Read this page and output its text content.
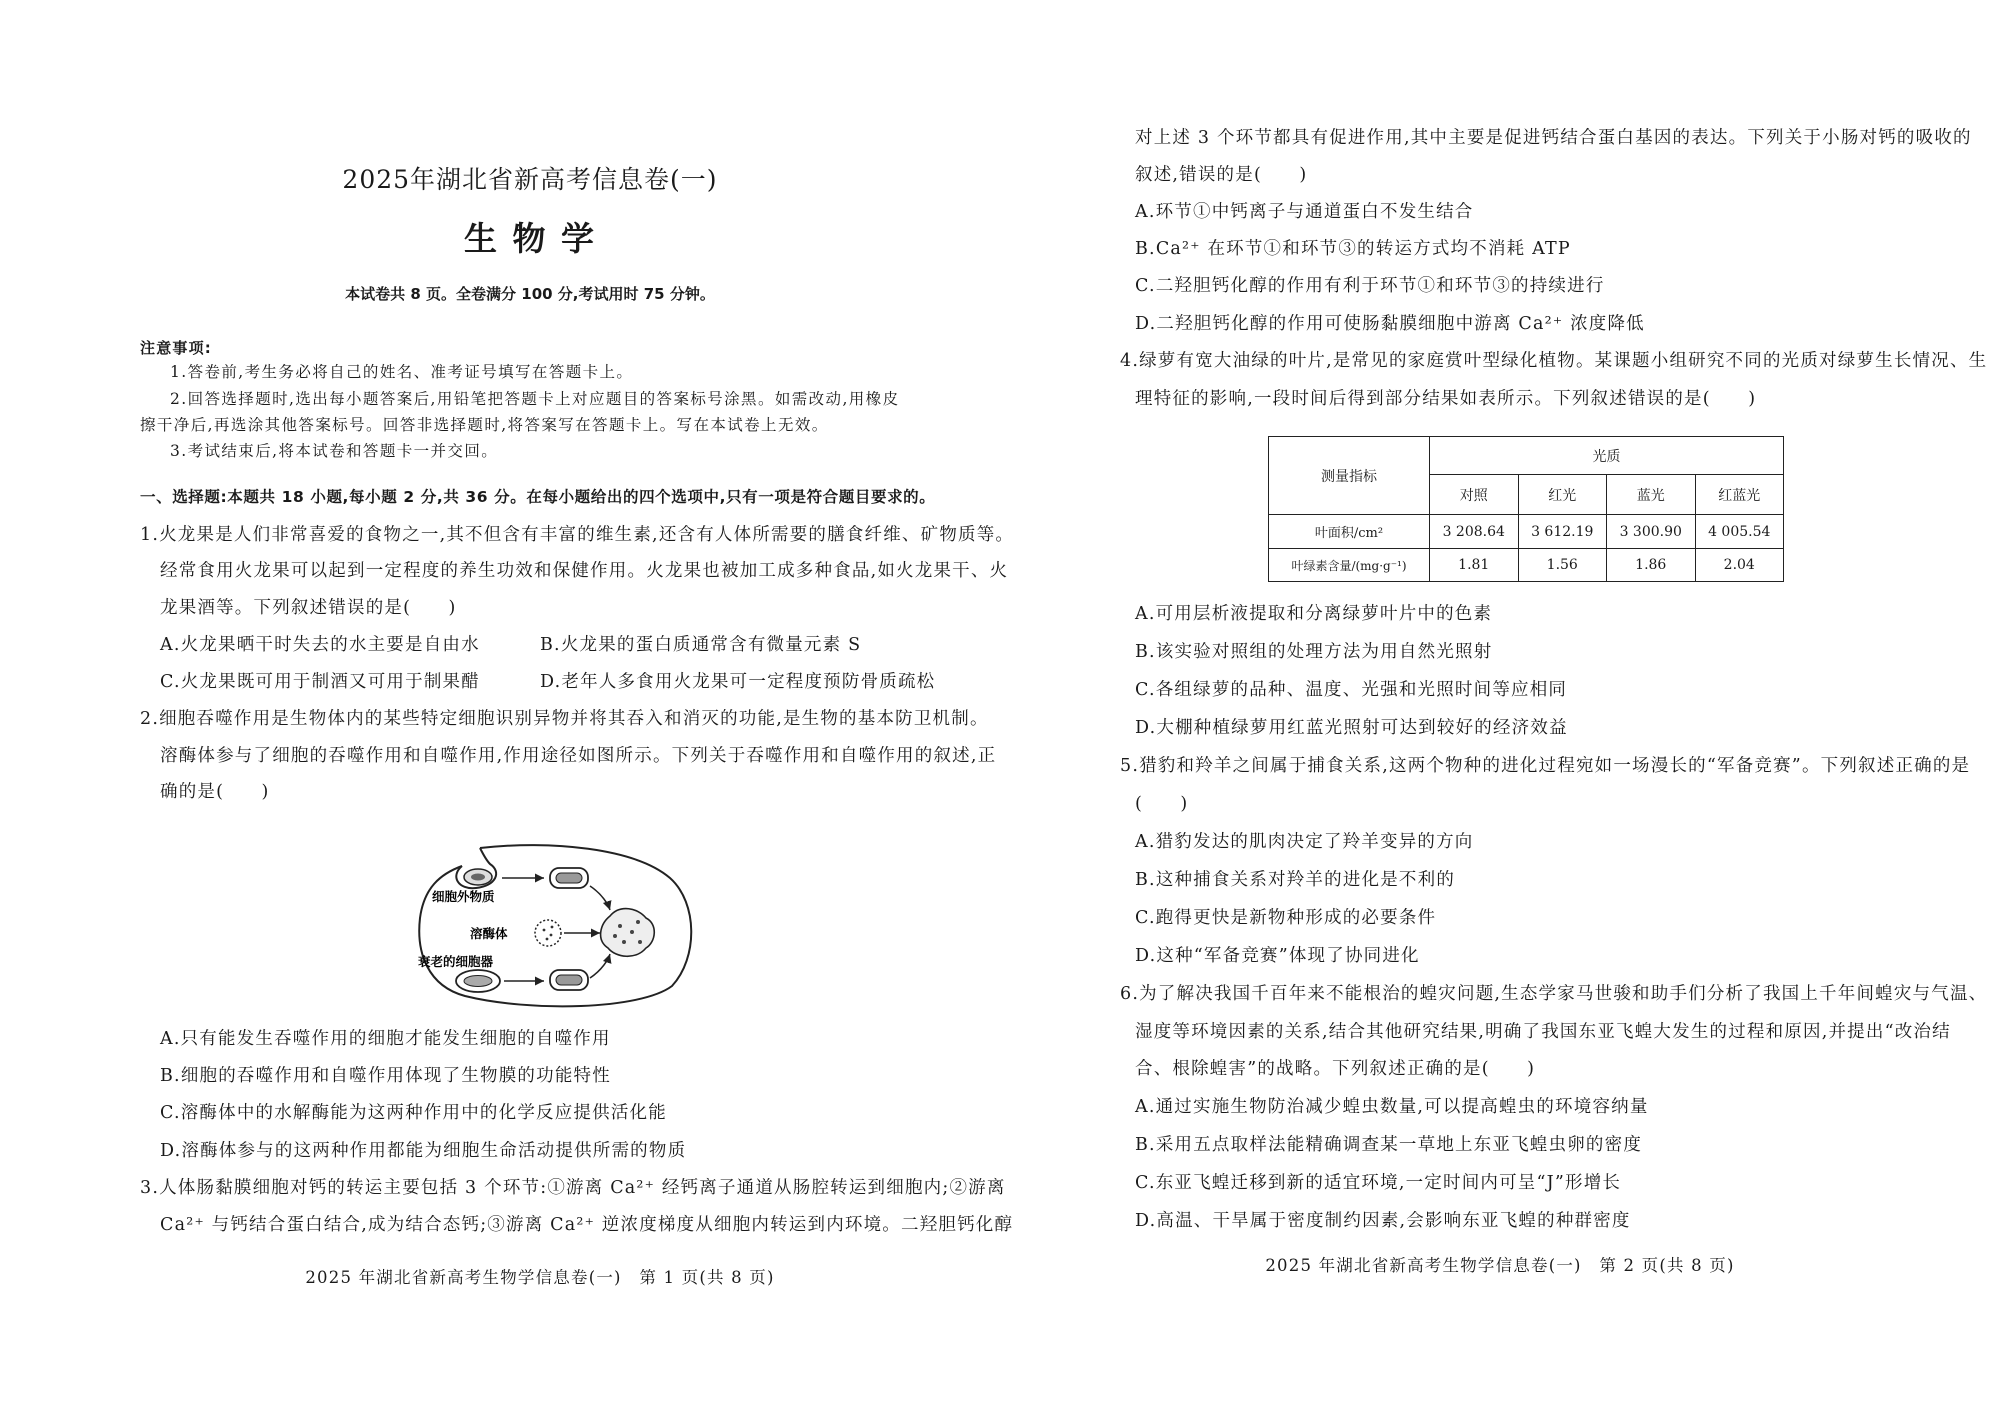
2025年湖北省新高考信息卷(一)
生 物 学
本试卷共 8 页。全卷满分 100 分,考试用时 75 分钟。
注意事项:
1.答卷前,考生务必将自己的姓名、准考证号填写在答题卡上。
2.回答选择题时,选出每小题答案后,用铅笔把答题卡上对应题目的答案标号涂黑。如需改动,用橡皮
擦干净后,再选涂其他答案标号。回答非选择题时,将答案写在答题卡上。写在本试卷上无效。
3.考试结束后,将本试卷和答题卡一并交回。
一、选择题:本题共 18 小题,每小题 2 分,共 36 分。在每小题给出的四个选项中,只有一项是符合题目要求的。
1.火龙果是人们非常喜爱的食物之一,其不但含有丰富的维生素,还含有人体所需要的膳食纤维、矿物质等。
经常食用火龙果可以起到一定程度的养生功效和保健作用。火龙果也被加工成多种食品,如火龙果干、火
龙果酒等。下列叙述错误的是(　　)
A.火龙果晒干时失去的水主要是自由水	B.火龙果的蛋白质通常含有微量元素 S
C.火龙果既可用于制酒又可用于制果醋	D.老年人多食用火龙果可一定程度预防骨质疏松
2.细胞吞噬作用是生物体内的某些特定细胞识别异物并将其吞入和消灭的功能,是生物的基本防卫机制。
溶酶体参与了细胞的吞噬作用和自噬作用,作用途径如图所示。下列关于吞噬作用和自噬作用的叙述,正
确的是(　　)
细胞外物质
溶酶体
衰老的细胞器
A.只有能发生吞噬作用的细胞才能发生细胞的自噬作用
B.细胞的吞噬作用和自噬作用体现了生物膜的功能特性
C.溶酶体中的水解酶能为这两种作用中的化学反应提供活化能
D.溶酶体参与的这两种作用都能为细胞生命活动提供所需的物质
3.人体肠黏膜细胞对钙的转运主要包括 3 个环节:①游离 Ca²⁺ 经钙离子通道从肠腔转运到细胞内;②游离
Ca²⁺ 与钙结合蛋白结合,成为结合态钙;③游离 Ca²⁺ 逆浓度梯度从细胞内转运到内环境。二羟胆钙化醇
2025 年湖北省新高考生物学信息卷(一)　第 1 页(共 8 页)
对上述 3 个环节都具有促进作用,其中主要是促进钙结合蛋白基因的表达。下列关于小肠对钙的吸收的
叙述,错误的是(　　)
A.环节①中钙离子与通道蛋白不发生结合
B.Ca²⁺ 在环节①和环节③的转运方式均不消耗 ATP
C.二羟胆钙化醇的作用有利于环节①和环节③的持续进行
D.二羟胆钙化醇的作用可使肠黏膜细胞中游离 Ca²⁺ 浓度降低
4.绿萝有宽大油绿的叶片,是常见的家庭赏叶型绿化植物。某课题小组研究不同的光质对绿萝生长情况、生
理特征的影响,一段时间后得到部分结果如表所示。下列叙述错误的是(　　)
测量指标	光质			
	对照	红光	蓝光	红蓝光
叶面积/cm²	3 208.64	3 612.19	3 300.90	4 005.54
叶绿素含量/(mg·g⁻¹)	1.81	1.56	1.86	2.04
A.可用层析液提取和分离绿萝叶片中的色素
B.该实验对照组的处理方法为用自然光照射
C.各组绿萝的品种、温度、光强和光照时间等应相同
D.大棚种植绿萝用红蓝光照射可达到较好的经济效益
5.猎豹和羚羊之间属于捕食关系,这两个物种的进化过程宛如一场漫长的“军备竞赛”。下列叙述正确的是
(　　)
A.猎豹发达的肌肉决定了羚羊变异的方向
B.这种捕食关系对羚羊的进化是不利的
C.跑得更快是新物种形成的必要条件
D.这种“军备竞赛”体现了协同进化
6.为了解决我国千百年来不能根治的蝗灾问题,生态学家马世骏和助手们分析了我国上千年间蝗灾与气温、
湿度等环境因素的关系,结合其他研究结果,明确了我国东亚飞蝗大发生的过程和原因,并提出“改治结
合、根除蝗害”的战略。下列叙述正确的是(　　)
A.通过实施生物防治减少蝗虫数量,可以提高蝗虫的环境容纳量
B.采用五点取样法能精确调查某一草地上东亚飞蝗虫卵的密度
C.东亚飞蝗迁移到新的适宜环境,一定时间内可呈“J”形增长
D.高温、干旱属于密度制约因素,会影响东亚飞蝗的种群密度
2025 年湖北省新高考生物学信息卷(一)　第 2 页(共 8 页)
